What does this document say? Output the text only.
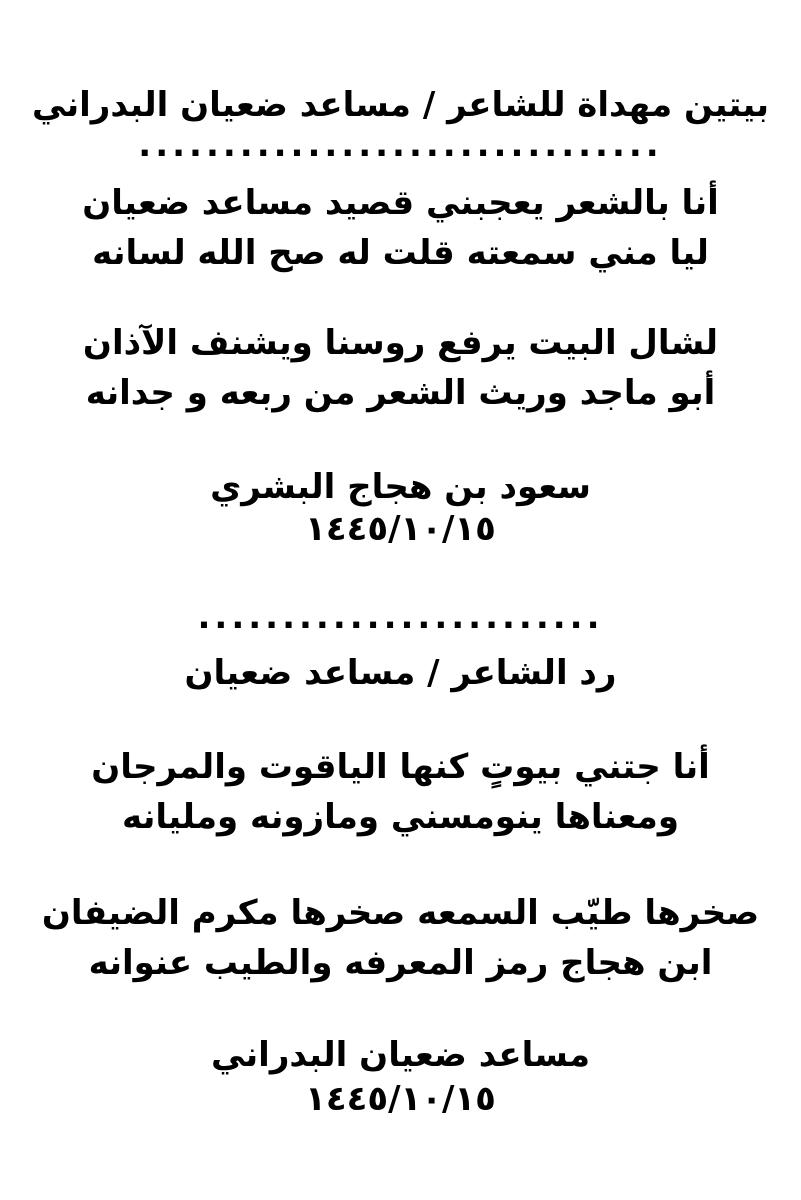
بيتين مهداة للشاعر / مساعد ضعيان البدراني
...............................
أنا بالشعر يعجبني قصيد مساعد ضعيان
ليا مني سمعته قلت له صح الله لسانه
لشال البيت يرفع روسنا ويشنف الآذان
أبو ماجد وريث الشعر من ربعه و جدانه
سعود بن هجاج البشري
١٤٤٥/١٠/١٥
........................
رد الشاعر / مساعد ضعيان
أنا جتني بيوتٍ كنها الياقوت والمرجان
ومعناها ينومسني ومازونه ومليانه
صخرها طيّب السمعه صخرها مكرم الضيفان
ابن هجاج رمز المعرفه والطيب عنوانه
مساعد ضعيان البدراني
١٤٤٥/١٠/١٥
